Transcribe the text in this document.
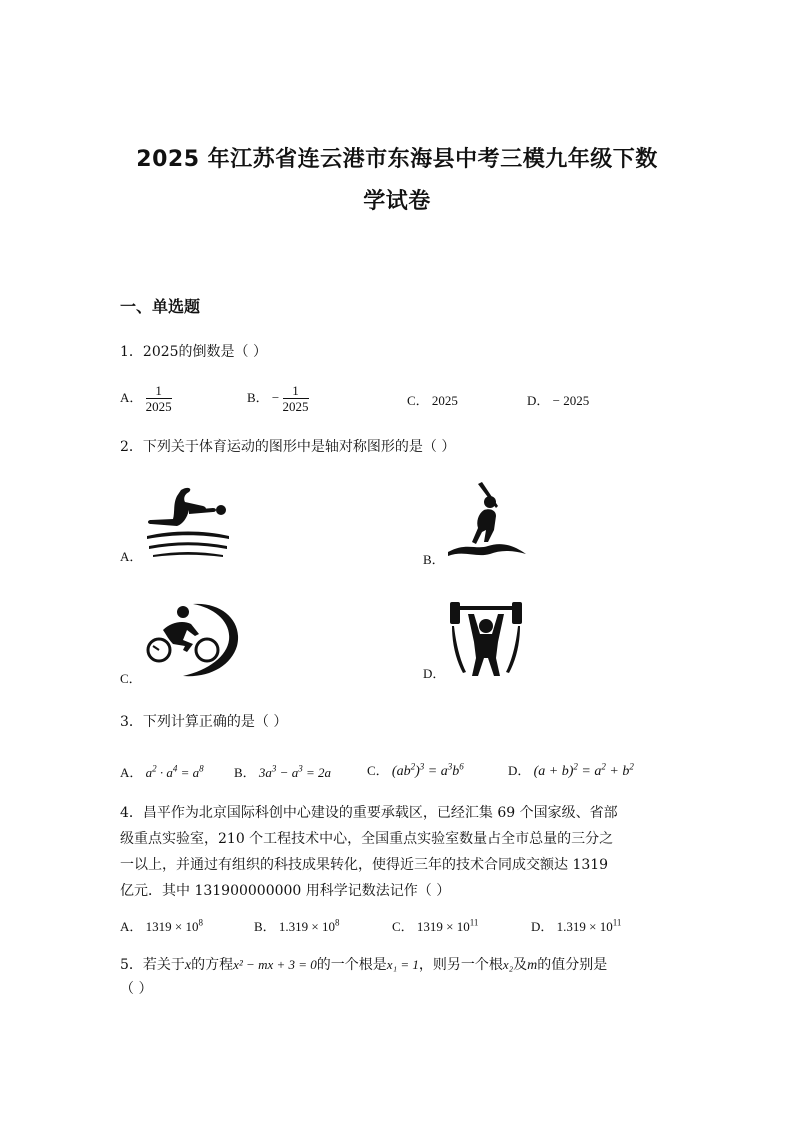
2025 年江苏省连云港市东海县中考三模九年级下数
学试卷
一、单选题
1．2025的倒数是（ ）
A． $\frac{1}{2025}$	B． − $\frac{1}{2025}$	C． 2025	D． − 2025
2．下列关于体育运动的图形中是轴对称图形的是（ ）
A．	B．
C．	D．
3．下列计算正确的是（ ）
A． $a^2 \cdot a^4 = a^8$ B． $3a^3 - a^3 = 2a$	C． $(ab^2)^3 = a^3b^6$	D． $(a + b)^2 = a^2 + b^2$

4．昌平作为北京国际科创中心建设的重要承载区，已经汇集 69 个国家级、省部

级重点实验室，210 个工程技术中心，全国重点实验室数量占全市总量的三分之

一以上，并通过有组织的科技成果转化，使得近三年的技术合同成交额达 1319

亿元．其中 131900000000 用科学记数法记作（ ）

A． $1319 \times 10^8$	B． $1.319 \times 10^8$	C． $1319 \times 10^{11}$	D． $1.319 \times 10^{11}$
5．若关于x的方程x² − mx + 3 = 0的一个根是x₁ = 1，则另一个根x₂及m的值分别是
（ ）
